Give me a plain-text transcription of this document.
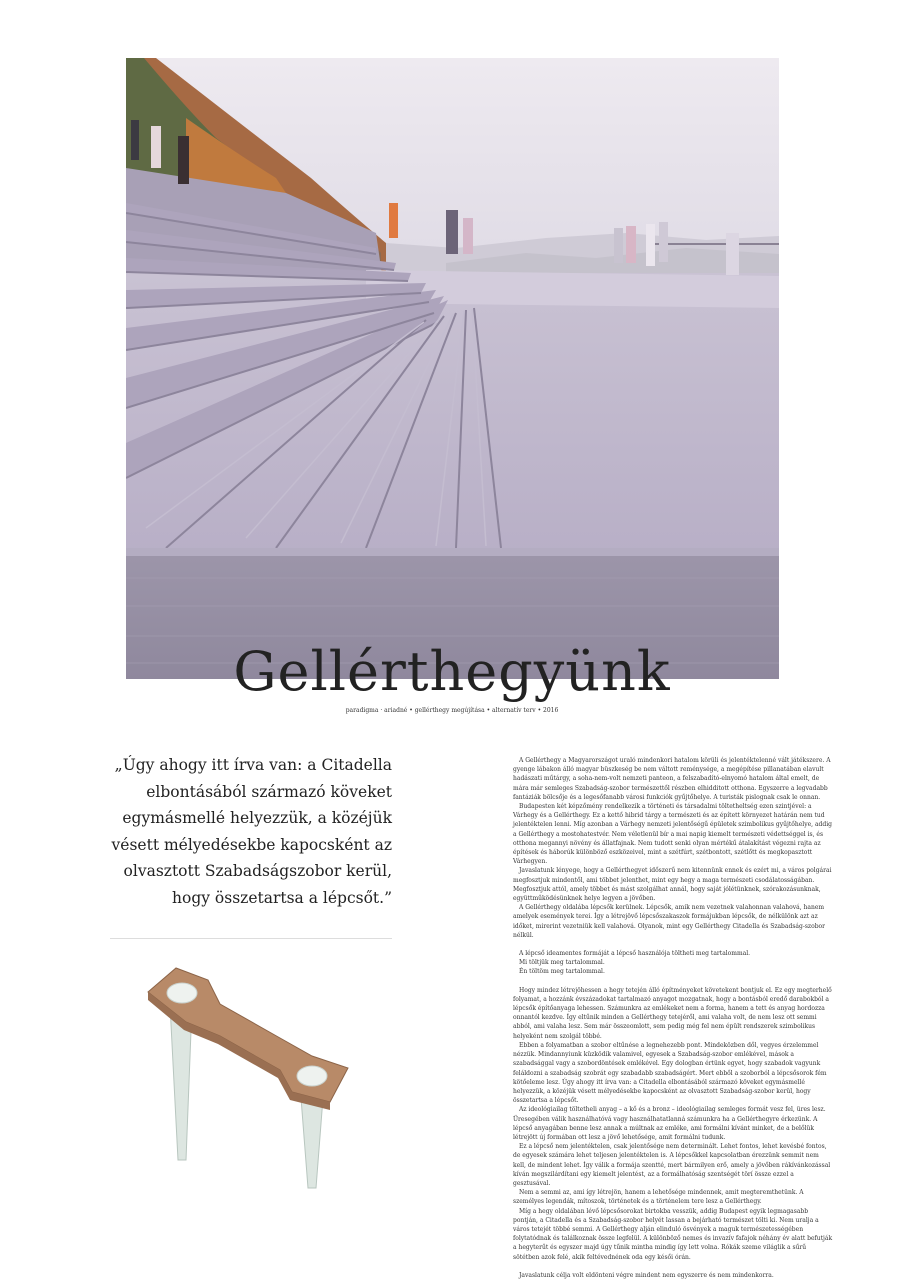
Gellérthegyünk
paradigma · ariadné • gellérthegy megújítása • alternatív terv • 2016

„Úgy ahogy itt írva van: a Citadella elbontásából származó köveket egymásmellé helyezzük, a közéjük vésett mélyedésekbe kapocsként az olvasztott Szabadságszobor kerül, hogy összetartsa a lépcsőt.”

A Gellérthegy a Magyarországot uraló mindenkori hatalom körüli és jelentéktelenné vált játékszere. A gyenge lábakon álló magyar büszkeség be nem váltott reménysége, a megépítése pillanatában elavult hadászati műtárgy, a soha-nem-volt nemzeti panteon, a felszabadító-elnyomó hatalom által emelt, de mára már semleges Szabadság-szobor természettől részben elhidditott otthona. Egyszerre a legvadabb fantáziák bölcsője és a legesőfanabb városi funkciók gyűjtőhelye. A turisták pislognak csak le onnan.

Budapesten két képzőmény rendelkezik a történeti és társadalmi töltetheltség ezen szintjével: a Várhegy és a Gellérthegy. Ez a kettő hibrid tárgy a természeti és az épített környezet határán nem tud jelentéktelen lenni. Míg azonban a Várhegy nemzeti jelentőségű épületek szimbolikus gyűjtőhelye, addig a Gellérthegy a mostohatestvér. Nem véletlenül bír a mai napig kiemelt természeti védettséggel is, és otthona megannyi növény és állatfajnak. Nem tudott senki olyan mértékű átalakítást végezni rajta az építések és háborúk különböző eszközeivel, mint a szétfúrt, szétbontott, szétlőtt és megkopasztott Várhegyen.

Javaslatunk lényege, hogy a Gellérthegyet időszerű nem kitennünk ennek és ezért mi, a város polgárai megfosztjuk mindentől, ami többet jelenthet, mint egy hegy a maga természeti csodálatosságában. Megfosztjuk attól, amely többet és mást szolgálhat annál, hogy saját jólétünknek, szórakozásunknak, együttműködésünknek helye legyen a jövőben.

A Gellérthegy oldalába lépcsők kerülnek. Lépcsők, amik nem vezetnek valahonnan valahová, hanem amelyek események terei. Így a létrejövő lépcsőszakaszok formájukban lépcsők, de nélkülönk azt az időket, mirerint vezetniük kell valahová. Olyanok, mint egy Gellérthegy Citadella és Szabadság-szobor nélkül.

A lépcső ideamentes formáját a lépcső használója töltheti meg tartalommal.

Mi töltjük meg tartalommal.

Én töltöm meg tartalommal.

Hogy mindez létrejöhessen a hegy tetején álló építményeket követekent bontjuk el. Ez egy megterhelő folyamat, a hozzánk évszázadokat tartalmazó anyagot mozgatnak, hogy a bontásból eredő darabokból a lépcsők építőanyaga lehessen. Számunkra az emlékeket nem a forma, hanem a tett és anyag hordozza onnantól kezdve. Így eltűnik minden a Gellérthegy tetejéről, ami valaha volt, de nem lesz ott semmi abból, ami valaha lesz. Sem már összeomlott, sem pedig még fel nem épült rendszerek szimbolikus helyeként nem szolgál többé.

Ebben a folyamatban a szobor eltűnése a legnehezebb pont. Mindeközben dől, vegyes érzelemmel nézzük. Mindannyiunk küzködik valamivel, egyesek a Szabadság-szobor emlékével, mások a szabadsággal vagy a szobordöntések emlékével. Egy dologban értünk egyet, hogy szabadok vagyunk feláldozni a szabadság szobrát egy szabadabb szabadságért. Mert ebből a szoborból a lépcsősorok fém kötőeleme lesz. Úgy ahogy itt írva van: a Citadella elbontásából származó köveket egymásmellé helyezzük, a közéjük vésett mélyedésekbe kapocsként az olvasztott Szabadság-szobor kerül, hogy összetartsa a lépcsőt.

Az ideológiailag töltetheli anyag – a kő és a bronz – ideológiailag semleges formát vesz fel, üres lesz. Üresegében válik használhatóvá vagy használhatatlanná számunkra ha a Gellérthegyre érkezünk. A lépcső anyagában benne lesz annak a múltnak az emléke, ami formálni kívánt minket, de a belőlük létrejött új formában ott lesz a jövő lehetősége, amit formálni tudunk.

Ez a lépcső nem jelentéktelen, csak jelentősége nem determinált. Lehet fontos, lehet kevésbé fontos, de egyesek számára lehet teljesen jelentéktelen is. A lépcsőkkel kapcsolatban érezzünk semmit nem kell, de mindent lehet. Így válik a formája szentté, mert bármilyen erő, amely a jövőben rákívánkozással kíván megszilárdítani egy kiemelt jelentést, az a formálhatóság szentségét törí össze ezzel a gesztusával.

Nem a semmi az, ami így létrejön, hanem a lehetősége mindennek, amit megteremthetünk. A személyes legendák, mítoszok, történetek és a történelem tere lesz a Gellérthegy.

Míg a hegy oldalában lévő lépcsősorokat birtokba vesszük, addig Budapest egyik legmagasabb pontján, a Citadella és a Szabadság-szobor helyét lassan a bejárható természet tölti ki. Nem uralja a város tetejét többé semmi. A Gellérthegy alján elinduló ösvények a maguk természetességében folytatódnak és találkoznak össze legfelül. A különböző nemes és invazív fafajok néhány év alatt befutják a hegyterűt és egyszer majd úgy tűnik mintha mindig így lett volna. Rókák szeme világlik a sűrű sötétben azok felé, akik feltévednének oda egy késői órán.

Javaslatunk célja volt eldönteni végre mindent nem egyszerre és nem mindenkorra.
